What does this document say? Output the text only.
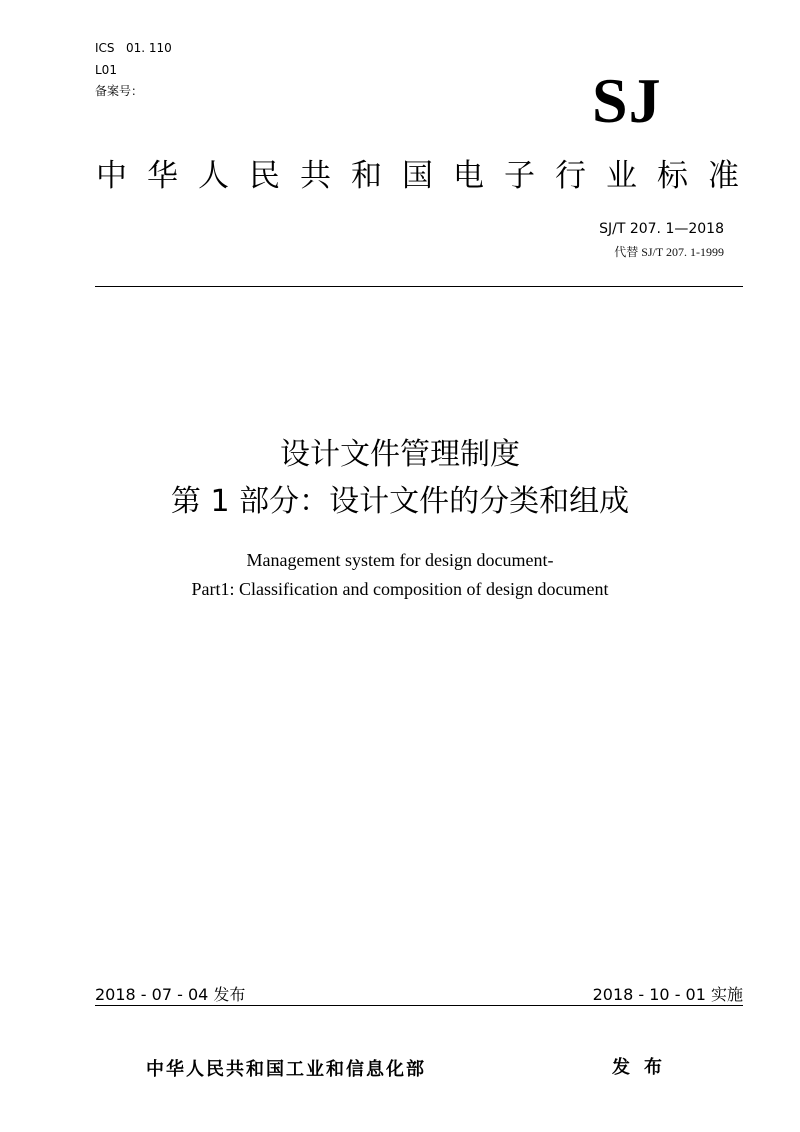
ICS   01. 110
L01
备案号：	SJ
中华人民共和国电子行业标准
SJ/T 207. 1—2018
代替 SJ/T 207. 1-1999
设计文件管理制度
第 1 部分：设计文件的分类和组成
Management system for design document-
Part1: Classification and composition of design document
2018 - 07 - 04 发布	2018 - 10 - 01 实施
中华人民共和国工业和信息化部	发布
